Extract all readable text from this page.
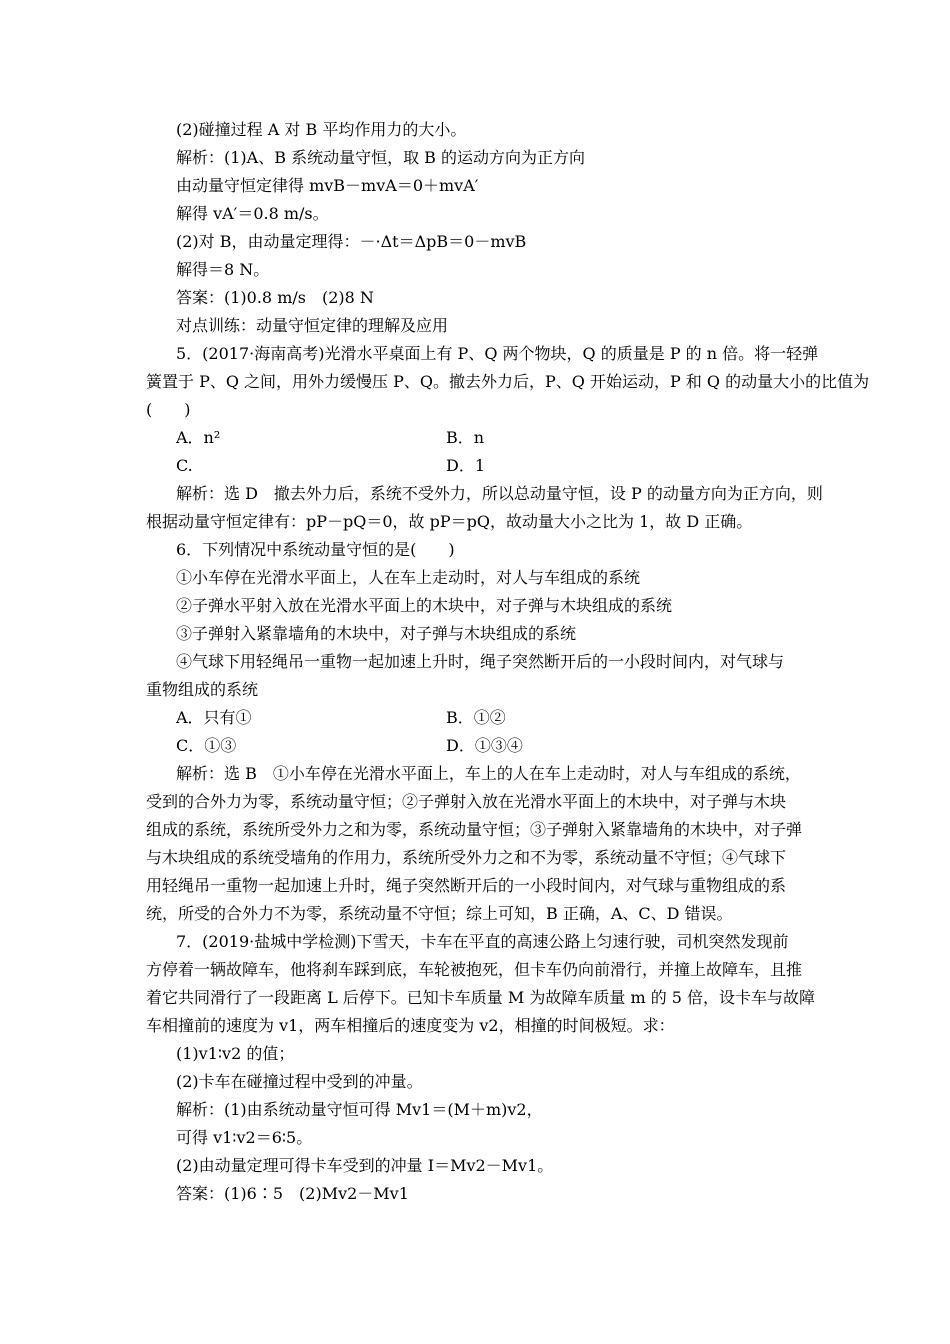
(2)碰撞过程 A 对 B 平均作用力的大小。
解析：(1)A、B 系统动量守恒，取 B 的运动方向为正方向
由动量守恒定律得 mvB－mvA＝0＋mvA′
解得 vA′＝0.8 m/s。
(2)对 B，由动量定理得：－·Δt＝ΔpB＝0－mvB
解得＝8 N。
答案：(1)0.8 m/s　(2)8 N
对点训练：动量守恒定律的理解及应用
5．(2017·海南高考)光滑水平桌面上有 P、Q 两个物块，Q 的质量是 P 的 n 倍。将一轻弹
簧置于 P、Q 之间，用外力缓慢压 P、Q。撤去外力后，P、Q 开始运动，P 和 Q 的动量大小的比值为
(　　)
A．n²	B．n
C.	D．1
解析：选 D　撤去外力后，系统不受外力，所以总动量守恒，设 P 的动量方向为正方向，则
根据动量守恒定律有：pP－pQ＝0，故 pP＝pQ，故动量大小之比为 1，故 D 正确。
6．下列情况中系统动量守恒的是(　　)
①小车停在光滑水平面上，人在车上走动时，对人与车组成的系统
②子弹水平射入放在光滑水平面上的木块中，对子弹与木块组成的系统
③子弹射入紧靠墙角的木块中，对子弹与木块组成的系统
④气球下用轻绳吊一重物一起加速上升时，绳子突然断开后的一小段时间内，对气球与
重物组成的系统
A．只有①	B．①②
C．①③	D．①③④
解析：选 B　①小车停在光滑水平面上，车上的人在车上走动时，对人与车组成的系统，
受到的合外力为零，系统动量守恒；②子弹射入放在光滑水平面上的木块中，对子弹与木块
组成的系统，系统所受外力之和为零，系统动量守恒；③子弹射入紧靠墙角的木块中，对子弹
与木块组成的系统受墙角的作用力，系统所受外力之和不为零，系统动量不守恒；④气球下
用轻绳吊一重物一起加速上升时，绳子突然断开后的一小段时间内，对气球与重物组成的系
统，所受的合外力不为零，系统动量不守恒；综上可知，B 正确，A、C、D 错误。
7．(2019·盐城中学检测)下雪天，卡车在平直的高速公路上匀速行驶，司机突然发现前
方停着一辆故障车，他将刹车踩到底，车轮被抱死，但卡车仍向前滑行，并撞上故障车，且推
着它共同滑行了一段距离 L 后停下。已知卡车质量 M 为故障车质量 m 的 5 倍，设卡车与故障
车相撞前的速度为 v1，两车相撞后的速度变为 v2，相撞的时间极短。求：
(1)v1∶v2 的值；
(2)卡车在碰撞过程中受到的冲量。
解析：(1)由系统动量守恒可得 Mv1＝(M＋m)v2，
可得 v1∶v2＝6∶5。
(2)由动量定理可得卡车受到的冲量 I＝Mv2－Mv1。
答案：(1)6∶5　(2)Mv2－Mv1
